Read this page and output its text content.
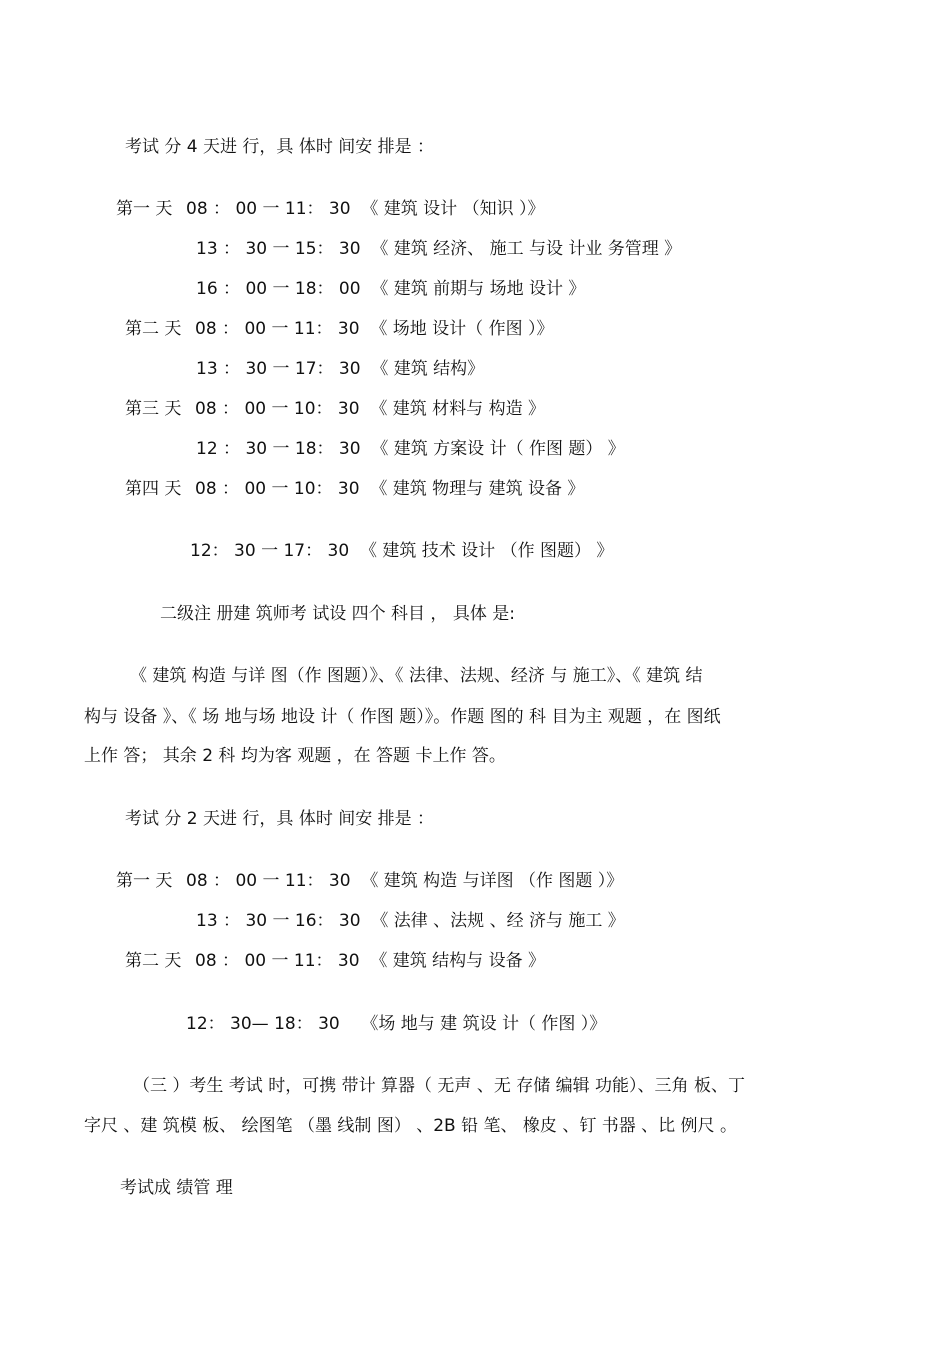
考试 分 4 天进 行，具 体时 间安 排是 ：
第一 天 08 ： 00 一 11： 30 《 建筑 设计 （知识 ）》
13 ： 30 一 15： 30 《 建筑 经济、 施工 与设 计业 务管理 》
16 ： 00 一 18： 00 《 建筑 前期与 场地 设计 》
第二 天 08 ： 00 一 11： 30 《 场地 设计（ 作图 ）》
13 ： 30 一 17： 30 《 建筑 结构》
第三 天 08 ： 00 一 10： 30 《 建筑 材料与 构造 》
12 ： 30 一 18： 30 《 建筑 方案设 计（ 作图 题） 》
第四 天 08 ： 00 一 10： 30 《 建筑 物理与 建筑 设备 》
12： 30 一 17： 30 《 建筑 技术 设计 （作 图题） 》
二级注 册建 筑师考 试设 四个 科目 ， 具体 是:
《 建筑 构造 与详 图（作 图题）》、《 法律、法规、经济 与 施工》、《 建筑 结
构与 设备 》、《 场 地与场 地设 计（ 作图 题）》。作题 图的 科 目为主 观题 ，在 图纸
上作 答； 其余 2 科 均为客 观题 ，在 答题 卡上作 答。
考试 分 2 天进 行，具 体时 间安 排是 ：
第一 天 08 ： 00 一 11： 30 《 建筑 构造 与详图 （作 图题 ）》
13 ： 30 一 16： 30 《 法律 、法规 、经 济与 施工 》
第二 天 08 ： 00 一 11： 30 《 建筑 结构与 设备 》
12： 30— 18： 30 《场 地与 建 筑设 计（ 作图 ）》
（三 ）考生 考试 时，可携 带计 算器（ 无声 、无 存储 编辑 功能）、三角 板、丁
字尺 、建 筑模 板、 绘图笔 （墨 线制 图） 、2B 铅 笔、 橡皮 、钉 书器 、比 例尺 。
考试成 绩管 理
